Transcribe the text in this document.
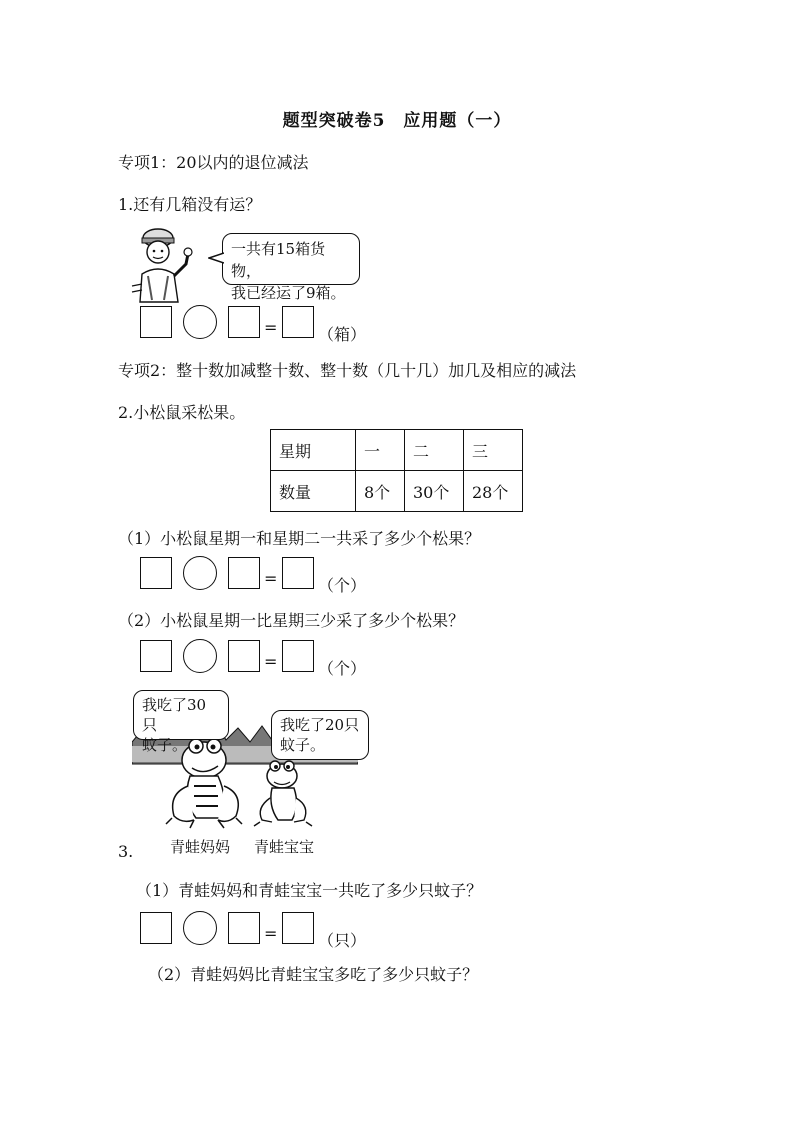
题型突破卷5　应用题（一）
专项1：20以内的退位减法
1.还有几箱没有运？
一共有15箱货物，
我已经运了9箱。
=	（箱）
专项2：整十数加减整十数、整十数（几十几）加几及相应的减法
2.小松鼠采松果。
星期	一	二	三
数量	8个	30个	28个
（1）小松鼠星期一和星期二一共采了多少个松果？
=	（个）
（2）小松鼠星期一比星期三少采了多少个松果？
=	（个）
我吃了30只
蚊子。
我吃了20只
蚊子。
3. 青蛙妈妈 青蛙宝宝
（1）青蛙妈妈和青蛙宝宝一共吃了多少只蚊子？
=	（只）
（2）青蛙妈妈比青蛙宝宝多吃了多少只蚊子？
